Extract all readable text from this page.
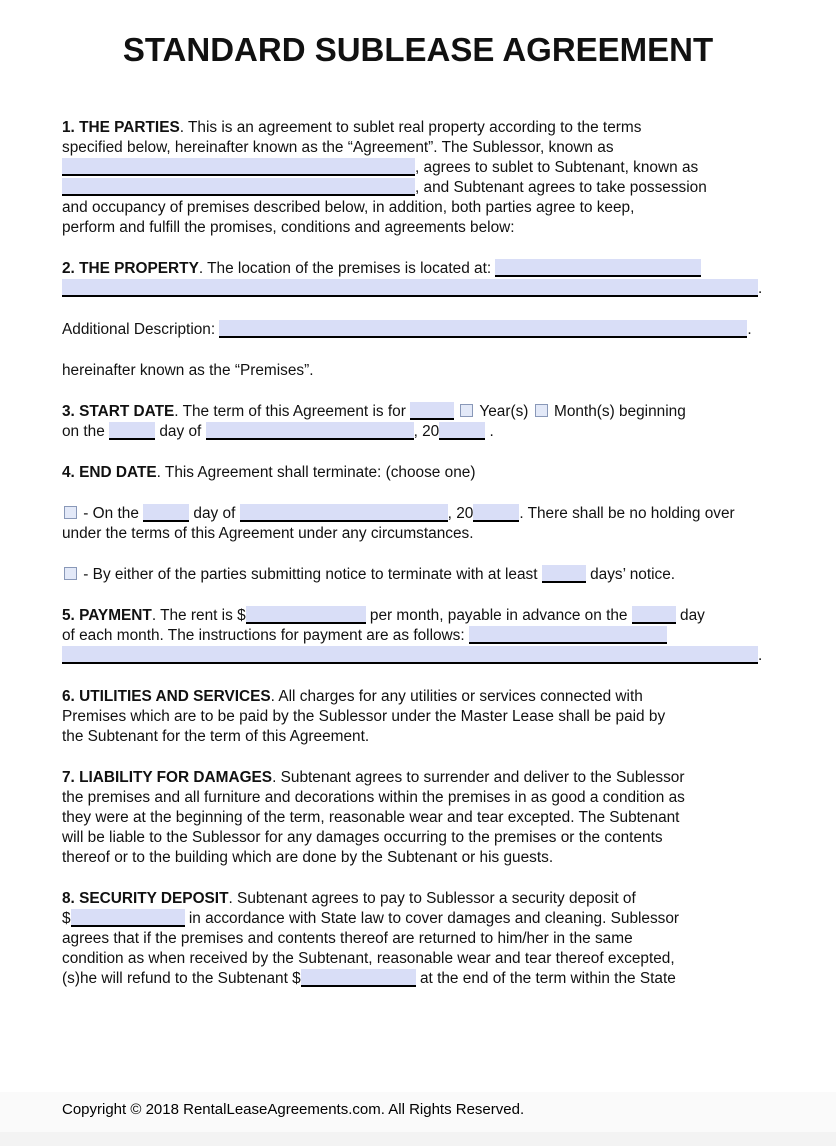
STANDARD SUBLEASE AGREEMENT

1. THE PARTIES. This is an agreement to sublet real property according to the terms
specified below, hereinafter known as the “Agreement”. The Sublessor, known as
, agrees to sublet to Subtenant, known as
, and Subtenant agrees to take possession
and occupancy of premises described below, in addition, both parties agree to keep,
perform and fulfill the promises, conditions and agreements below:

2. THE PROPERTY. The location of the premises is located at:
.

Additional Description:	.

hereinafter known as the “Premises”.

3. START DATE. The term of this Agreement is for	Year(s)  Month(s) beginning
on the	day of	, 20	.

4. END DATE. This Agreement shall terminate: (choose one)

- On the	day of	, 20	. There shall be no holding over
under the terms of this Agreement under any circumstances.

- By either of the parties submitting notice to terminate with at least	days’ notice.

5. PAYMENT. The rent is $	per month, payable in advance on the	day
of each month. The instructions for payment are as follows:
.

6. UTILITIES AND SERVICES. All charges for any utilities or services connected with
Premises which are to be paid by the Sublessor under the Master Lease shall be paid by
the Subtenant for the term of this Agreement.

7. LIABILITY FOR DAMAGES. Subtenant agrees to surrender and deliver to the Sublessor
the premises and all furniture and decorations within the premises in as good a condition as
they were at the beginning of the term, reasonable wear and tear excepted. The Subtenant
will be liable to the Sublessor for any damages occurring to the premises or the contents
thereof or to the building which are done by the Subtenant or his guests.

8. SECURITY DEPOSIT. Subtenant agrees to pay to Sublessor a security deposit of
$	in accordance with State law to cover damages and cleaning. Sublessor
agrees that if the premises and contents thereof are returned to him/her in the same
condition as when received by the Subtenant, reasonable wear and tear thereof excepted,
(s)he will refund to the Subtenant $	at the end of the term within the State

Copyright © 2018 RentalLeaseAgreements.com. All Rights Reserved.
